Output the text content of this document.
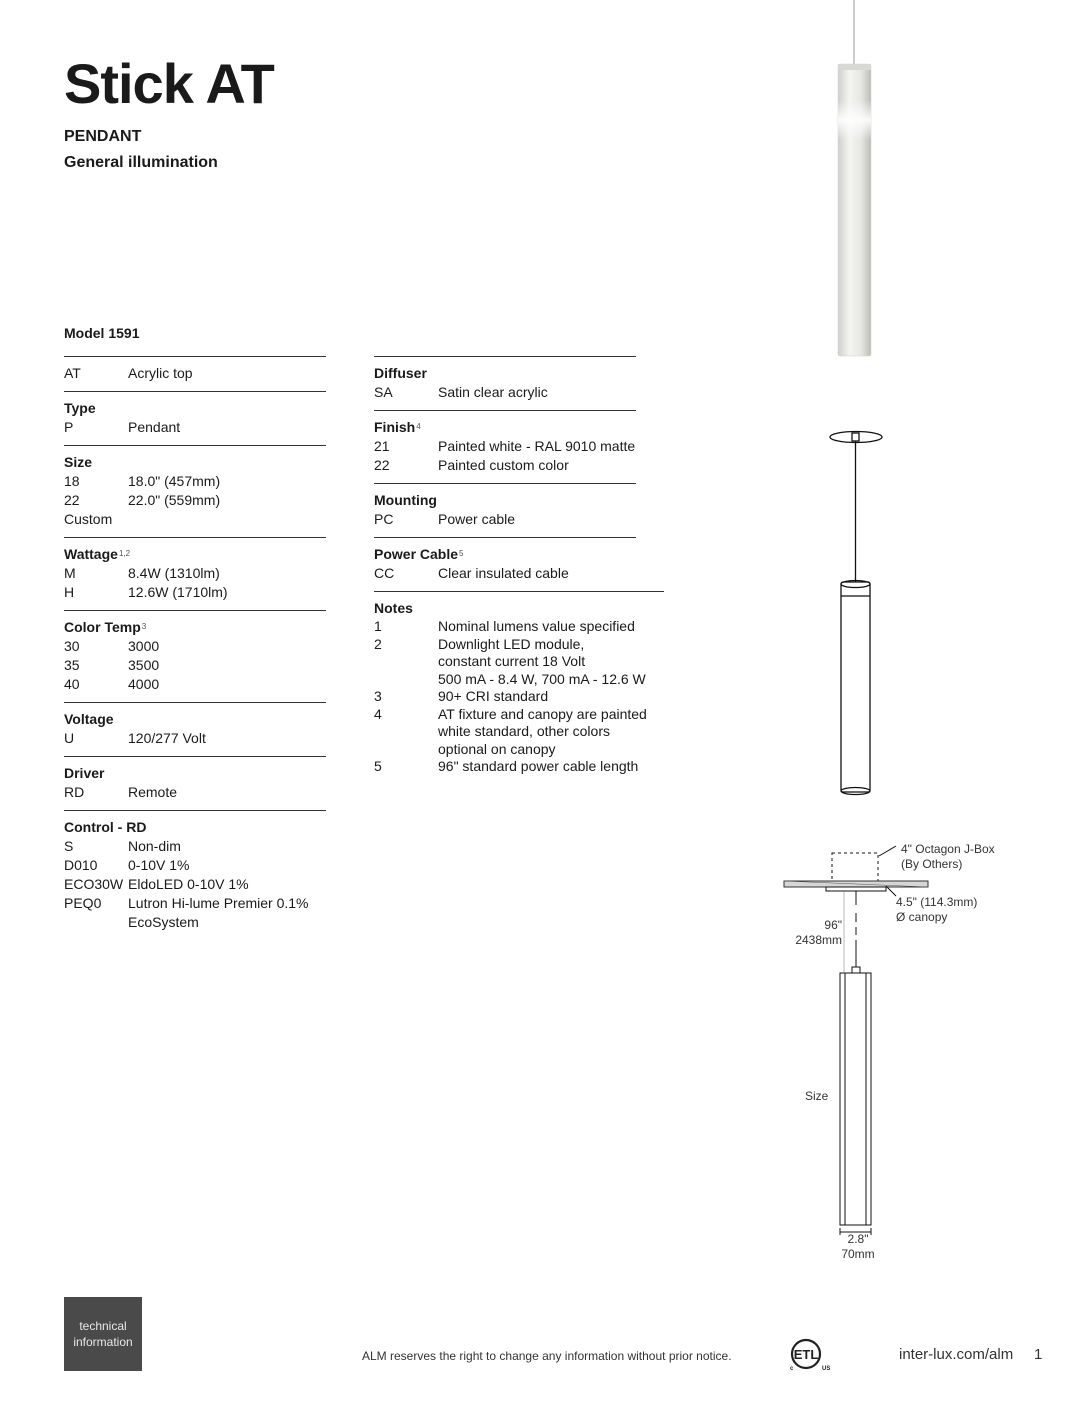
Stick AT
PENDANT
General illumination
Model 1591
AT	Acrylic top
Type
P	Pendant
Size
18	18.0" (457mm)
22	22.0" (559mm)
Custom
Wattage$^{1,2}$
M	8.4W (1310lm)
H	12.6W (1710lm)
Color Temp$^3$
30	3000
35	3500
40	4000
Voltage
U	120/277 Volt
Driver
RD	Remote
Control - RD
S	Non-dim
D010	0-10V 1%
ECO30W EldoLED 0-10V 1%
PEQ0	Lutron Hi-lume Premier 0.1% EcoSystem
Diffuser
SA	Satin clear acrylic
Finish$^4$
21	Painted white - RAL 9010 matte
22	Painted custom color
Mounting
PC	Power cable
Power Cable$^5$
CC	Clear insulated cable
Notes
1	Nominal lumens value specified
2	Downlight LED module,
constant current 18 Volt
500 mA - 8.4 W, 700 mA - 12.6 W
3	90+ CRI standard
4	AT fixture and canopy are painted
white standard, other colors
optional on canopy
5	96" standard power cable length
4" Octagon J-Box
(By Others)
4.5" (114.3mm)
Ø canopy
96"
2438mm
Size
2.8"
70mm
technical
information
ALM reserves the right to change any information without prior notice.	ETL
c	US
inter-lux.com/alm 1
